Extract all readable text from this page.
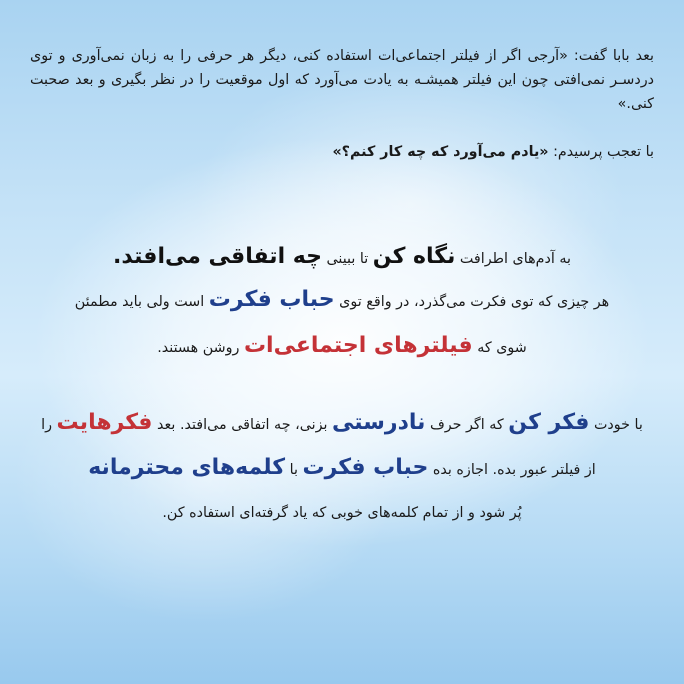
بعد بابا گفت: «آرجی اگر از فیلتر اجتماعی‌ات استفاده کنی، دیگر هر حرفی را به زبان نمی‌آوری و توی دردسـر نمی‌افتی چون این فیلتر همیشـه به یادت می‌آورد که اول موقعیت را در نظر بگیری و بعد صحبت کنی.»

با تعجب پرسیدم: «یادم می‌آورد که چه کار کنم؟»
به آدم‌های اطرافت نگاه کن تا ببینی چه اتفاقی می‌افتد.
هر چیزی که توی فکرت می‌گذرد، در واقع توی حباب فکرت است ولی باید مطمئن
شوی که فیلترهای اجتماعی‌ات روشن هستند.
با خودت فکر کن که اگر حرف نادرستی بزنی، چه اتفاقی می‌افتد. بعد فکرهایت را
از فیلتر عبور بده. اجازه بده حباب فکرت با کلمه‌های محترمانه
پُر شود و از تمام کلمه‌های خوبی که یاد گرفته‌ای استفاده کن.
